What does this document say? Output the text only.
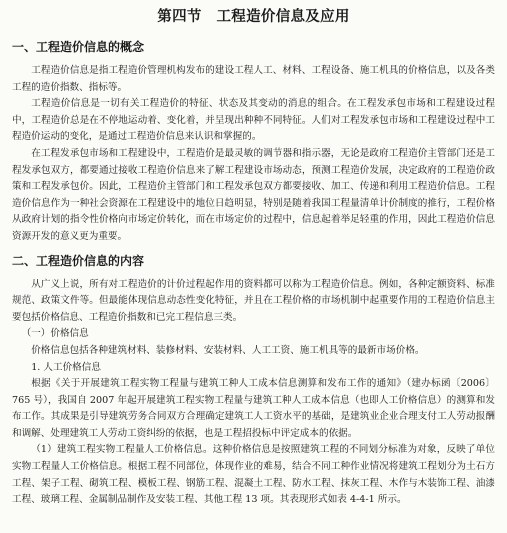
第四节　工程造价信息及应用
一、工程造价信息的概念

工程造价信息是指工程造价管理机构发布的建设工程人工、材料、工程设备、施工机具的价格信息，以及各类工程的造价指数、指标等。

工程造价信息是一切有关工程造价的特征、状态及其变动的消息的组合。在工程发承包市场和工程建设过程中，工程造价总是在不停地运动着、变化着，并呈现出种种不同特征。人们对工程发承包市场和工程建设过程中工程造价运动的变化，是通过工程造价信息来认识和掌握的。

在工程发承包市场和工程建设中，工程造价是最灵敏的调节器和指示器，无论是政府工程造价主管部门还是工程发承包双方，都要通过接收工程造价信息来了解工程建设市场动态，预测工程造价发展，决定政府的工程造价政策和工程发承包价。因此，工程造价主管部门和工程发承包双方都要接收、加工、传递和利用工程造价信息。工程造价信息作为一种社会资源在工程建设中的地位日趋明显，特别是随着我国工程量清单计价制度的推行，工程价格从政府计划的指令性价格向市场定价转化，而在市场定价的过程中，信息起着举足轻重的作用，因此工程造价信息资源开发的意义更为重要。

二、工程造价信息的内容

从广义上说，所有对工程造价的计价过程起作用的资料都可以称为工程造价信息。例如，各种定额资料、标准规范、政策文件等。但最能体现信息动态性变化特征，并且在工程价格的市场机制中起重要作用的工程造价信息主要包括价格信息、工程造价指数和已完工程信息三类。

（一）价格信息

价格信息包括各种建筑材料、装修材料、安装材料、人工工资、施工机具等的最新市场价格。

1. 人工价格信息

根据《关于开展建筑工程实物工程量与建筑工种人工成本信息测算和发布工作的通知》（建办标函〔2006〕765 号），我国自 2007 年起开展建筑工程实物工程量与建筑工种人工成本信息（也即人工价格信息）的测算和发布工作。其成果是引导建筑劳务合同双方合理确定建筑工人工资水平的基础，是建筑业企业合理支付工人劳动报酬和调解、处理建筑工人劳动工资纠纷的依据，也是工程招投标中评定成本的依据。

（1）建筑工程实物工程量人工价格信息。这种价格信息是按照建筑工程的不同划分标准为对象，反映了单位实物工程量人工价格信息。根据工程不同部位，体现作业的难易，结合不同工种作业情况将建筑工程划分为土石方工程、架子工程、砌筑工程、模板工程、钢筋工程、混凝土工程、防水工程、抹灰工程、木作与木装饰工程、油漆工程、玻璃工程、金属制品制作及安装工程、其他工程 13 项。其表现形式如表 4-4-1 所示。
